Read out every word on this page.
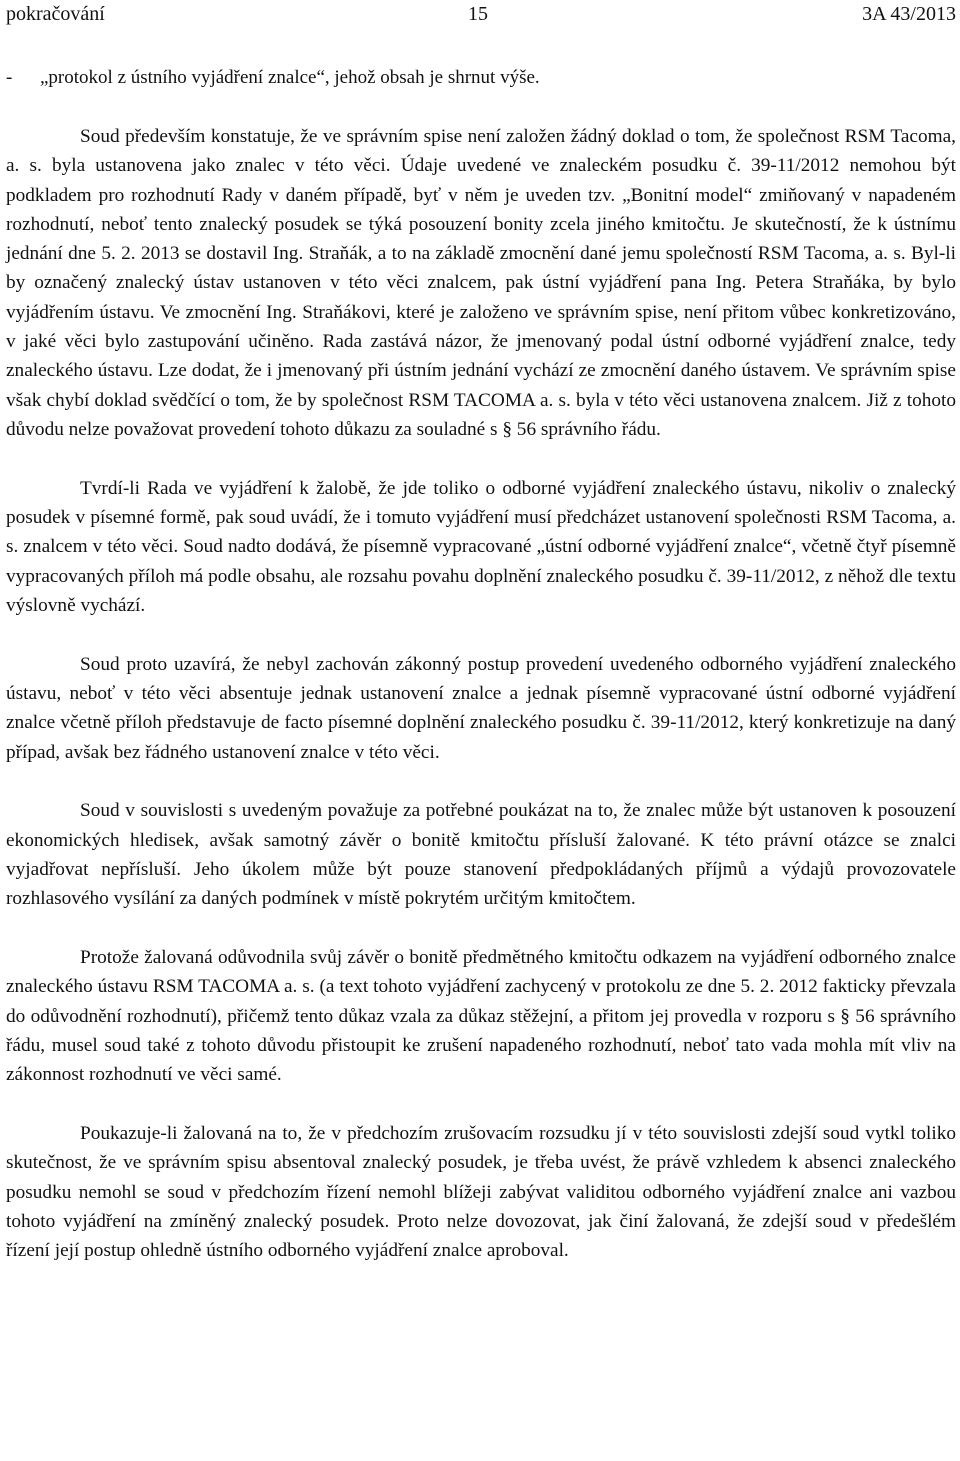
pokračování	15	3A 43/2013
- „protokol z ústního vyjádření znalce“, jehož obsah je shrnut výše.

Soud především konstatuje, že ve správním spise není založen žádný doklad o tom, že společnost RSM Tacoma, a. s. byla ustanovena jako znalec v této věci. Údaje uvedené ve znaleckém posudku č. 39-11/2012 nemohou být podkladem pro rozhodnutí Rady v daném případě, byť v něm je uveden tzv. „Bonitní model“ zmiňovaný v napadeném rozhodnutí, neboť tento znalecký posudek se týká posouzení bonity zcela jiného kmitočtu. Je skutečností, že k ústnímu jednání dne 5. 2. 2013 se dostavil Ing. Straňák, a to na základě zmocnění dané jemu společností RSM Tacoma, a. s. Byl-li by označený znalecký ústav ustanoven v této věci znalcem, pak ústní vyjádření pana Ing. Petera Straňáka, by bylo vyjádřením ústavu. Ve zmocnění Ing. Straňákovi, které je založeno ve správním spise, není přitom vůbec konkretizováno, v jaké věci bylo zastupování učiněno. Rada zastává názor, že jmenovaný podal ústní odborné vyjádření znalce, tedy znaleckého ústavu. Lze dodat, že i jmenovaný při ústním jednání vychází ze zmocnění daného ústavem. Ve správním spise však chybí doklad svědčící o tom, že by společnost RSM TACOMA a. s. byla v této věci ustanovena znalcem. Již z tohoto důvodu nelze považovat provedení tohoto důkazu za souladné s § 56 správního řádu.

Tvrdí-li Rada ve vyjádření k žalobě, že jde toliko o odborné vyjádření znaleckého ústavu, nikoliv o znalecký posudek v písemné formě, pak soud uvádí, že i tomuto vyjádření musí předcházet ustanovení společnosti RSM Tacoma, a. s. znalcem v této věci. Soud nadto dodává, že písemně vypracované „ústní odborné vyjádření znalce“, včetně čtyř písemně vypracovaných příloh má podle obsahu, ale rozsahu povahu doplnění znaleckého posudku č. 39-11/2012, z něhož dle textu výslovně vychází.

Soud proto uzavírá, že nebyl zachován zákonný postup provedení uvedeného odborného vyjádření znaleckého ústavu, neboť v této věci absentuje jednak ustanovení znalce a jednak písemně vypracované ústní odborné vyjádření znalce včetně příloh představuje de facto písemné doplnění znaleckého posudku č. 39-11/2012, který konkretizuje na daný případ, avšak bez řádného ustanovení znalce v této věci.

Soud v souvislosti s uvedeným považuje za potřebné poukázat na to, že znalec může být ustanoven k posouzení ekonomických hledisek, avšak samotný závěr o bonitě kmitočtu přísluší žalované. K této právní otázce se znalci vyjadřovat nepřísluší. Jeho úkolem může být pouze stanovení předpokládaných příjmů a výdajů provozovatele rozhlasového vysílání za daných podmínek v místě pokrytém určitým kmitočtem.

Protože žalovaná odůvodnila svůj závěr o bonitě předmětného kmitočtu odkazem na vyjádření odborného znalce znaleckého ústavu RSM TACOMA a. s. (a text tohoto vyjádření zachycený v protokolu ze dne 5. 2. 2012 fakticky převzala do odůvodnění rozhodnutí), přičemž tento důkaz vzala za důkaz stěžejní, a přitom jej provedla v rozporu s § 56 správního řádu, musel soud také z tohoto důvodu přistoupit ke zrušení napadeného rozhodnutí, neboť tato vada mohla mít vliv na zákonnost rozhodnutí ve věci samé.

Poukazuje-li žalovaná na to, že v předchozím zrušovacím rozsudku jí v této souvislosti zdejší soud vytkl toliko skutečnost, že ve správním spisu absentoval znalecký posudek, je třeba uvést, že právě vzhledem k absenci znaleckého posudku nemohl se soud v předchozím řízení nemohl blížeji zabývat validitou odborného vyjádření znalce ani vazbou tohoto vyjádření na zmíněný znalecký posudek. Proto nelze dovozovat, jak činí žalovaná, že zdejší soud v předešlém řízení její postup ohledně ústního odborného vyjádření znalce aproboval.
